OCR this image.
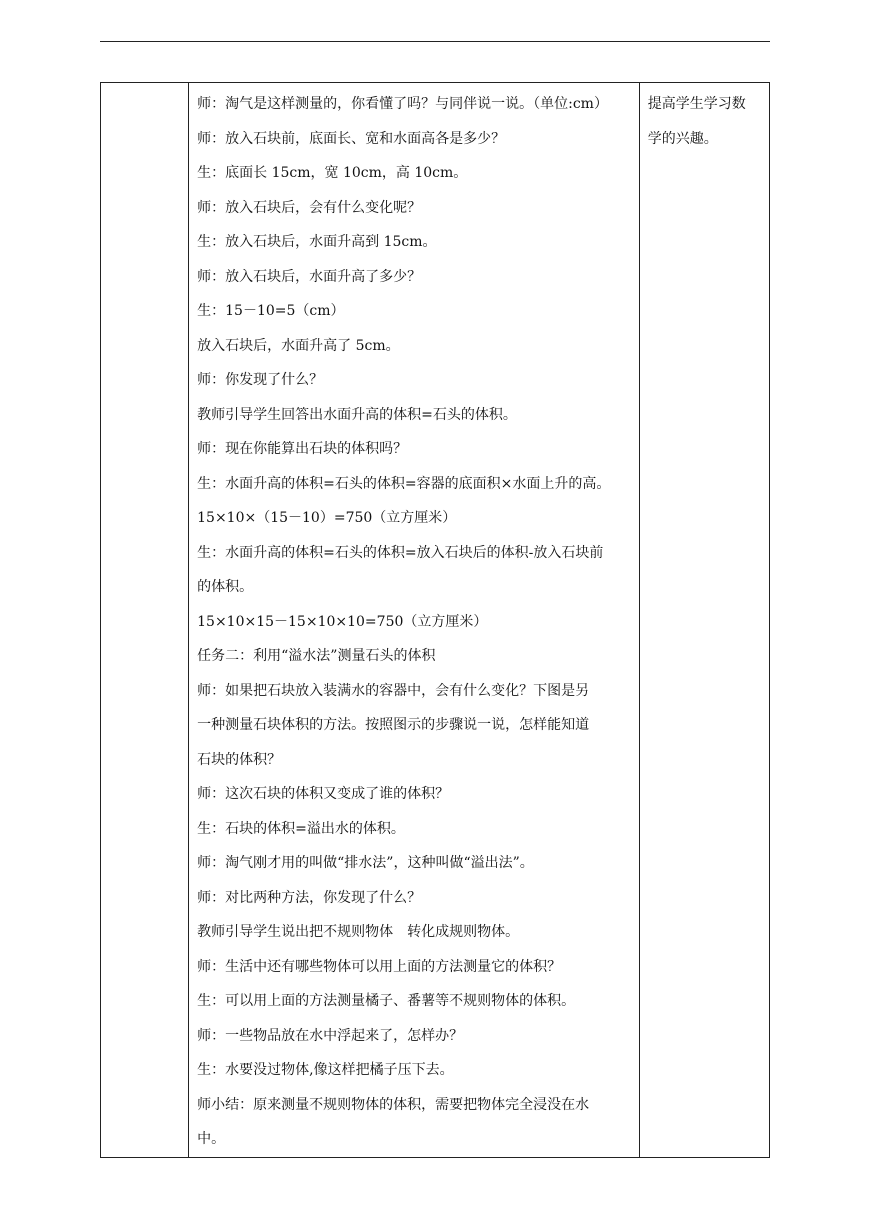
师：淘气是这样测量的，你看懂了吗？与同伴说一说。（单位:cm）

师：放入石块前，底面长、宽和水面高各是多少？

生：底面长 15cm，宽 10cm，高 10cm。

师：放入石块后，会有什么变化呢？

生：放入石块后，水面升高到 15cm。

师：放入石块后，水面升高了多少？

生：15－10=5（cm）

放入石块后，水面升高了 5cm。

师：你发现了什么？

教师引导学生回答出水面升高的体积=石头的体积。

师：现在你能算出石块的体积吗？

生：水面升高的体积=石头的体积=容器的底面积×水面上升的高。

15×10×（15－10）=750（立方厘米）

生：水面升高的体积=石头的体积=放入石块后的体积-放入石块前

的体积。

15×10×15－15×10×10=750（立方厘米）

任务二：利用“溢水法”测量石头的体积

师：如果把石块放入装满水的容器中，会有什么变化？下图是另

一种测量石块体积的方法。按照图示的步骤说一说，怎样能知道

石块的体积？

师：这次石块的体积又变成了谁的体积？

生：石块的体积=溢出水的体积。

师：淘气刚才用的叫做“排水法”，这种叫做“溢出法”。

师：对比两种方法，你发现了什么？

教师引导学生说出把不规则物体　转化成规则物体。

师：生活中还有哪些物体可以用上面的方法测量它的体积？

生：可以用上面的方法测量橘子、番薯等不规则物体的体积。

师：一些物品放在水中浮起来了，怎样办？

生：水要没过物体,像这样把橘子压下去。

师小结：原来测量不规则物体的体积，需要把物体完全浸没在水

中。

提高学生学习数

学的兴趣。
